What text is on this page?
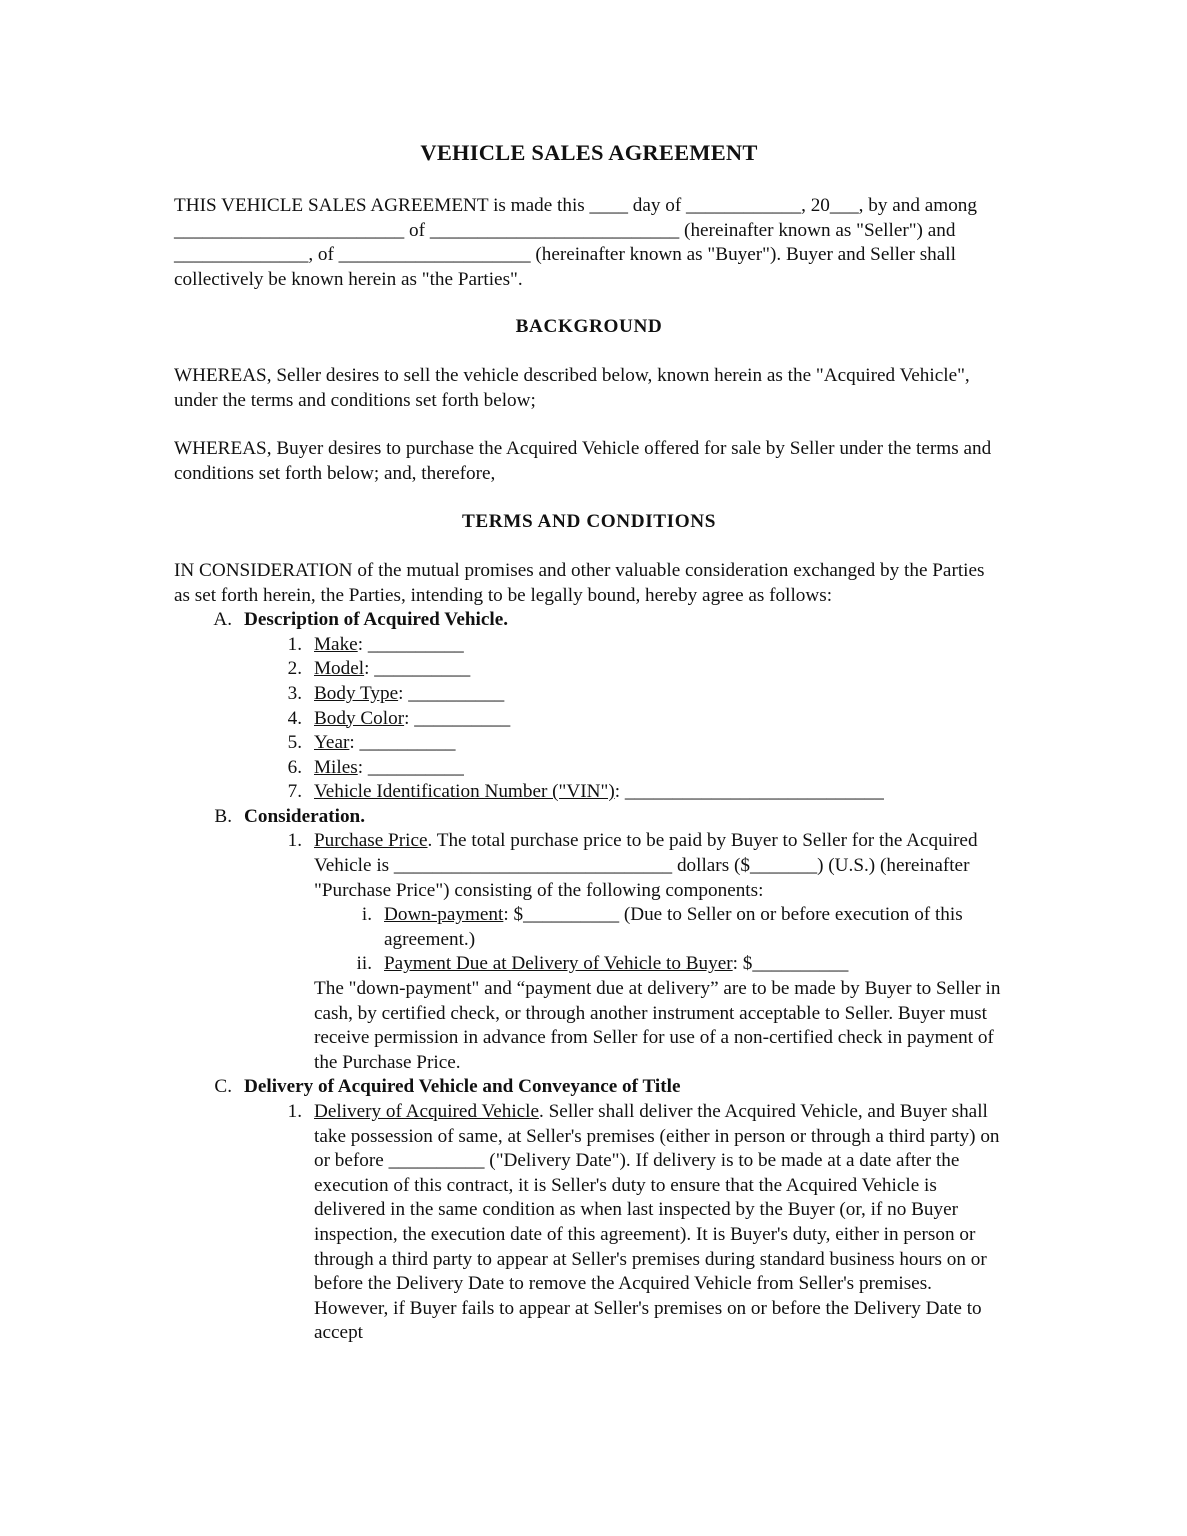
VEHICLE SALES AGREEMENT

THIS VEHICLE SALES AGREEMENT is made this ____ day of ____________, 20___, by and among ________________________ of __________________________ (hereinafter known as "Seller") and ______________, of ____________________ (hereinafter known as "Buyer"). Buyer and Seller shall collectively be known herein as "the Parties".

BACKGROUND

WHEREAS, Seller desires to sell the vehicle described below, known herein as the "Acquired Vehicle", under the terms and conditions set forth below;

WHEREAS, Buyer desires to purchase the Acquired Vehicle offered for sale by Seller under the terms and conditions set forth below; and, therefore,

TERMS AND CONDITIONS

IN CONSIDERATION of the mutual promises and other valuable consideration exchanged by the Parties as set forth herein, the Parties, intending to be legally bound, hereby agree as follows:

A. Description of Acquired Vehicle.
1. Make: __________
2. Model: __________
3. Body Type: __________
4. Body Color: __________
5. Year: __________
6. Miles: __________
7. Vehicle Identification Number ("VIN"): ___________________________
B. Consideration.
1. Purchase Price. The total purchase price to be paid by Buyer to Seller for the Acquired Vehicle is _____________________________ dollars ($_______) (U.S.) (hereinafter "Purchase Price") consisting of the following components:
i. Down-payment: $__________ (Due to Seller on or before execution of this agreement.)
ii. Payment Due at Delivery of Vehicle to Buyer: $__________

The "down-payment" and “payment due at delivery” are to be made by Buyer to Seller in cash, by certified check, or through another instrument acceptable to Seller. Buyer must receive permission in advance from Seller for use of a non-certified check in payment of the Purchase Price.

C. Delivery of Acquired Vehicle and Conveyance of Title
1. Delivery of Acquired Vehicle. Seller shall deliver the Acquired Vehicle, and Buyer shall take possession of same, at Seller's premises (either in person or through a third party) on or before __________ ("Delivery Date"). If delivery is to be made at a date after the execution of this contract, it is Seller's duty to ensure that the Acquired Vehicle is delivered in the same condition as when last inspected by the Buyer (or, if no Buyer inspection, the execution date of this agreement). It is Buyer's duty, either in person or through a third party to appear at Seller's premises during standard business hours on or before the Delivery Date to remove the Acquired Vehicle from Seller's premises. However, if Buyer fails to appear at Seller's premises on or before the Delivery Date to accept
